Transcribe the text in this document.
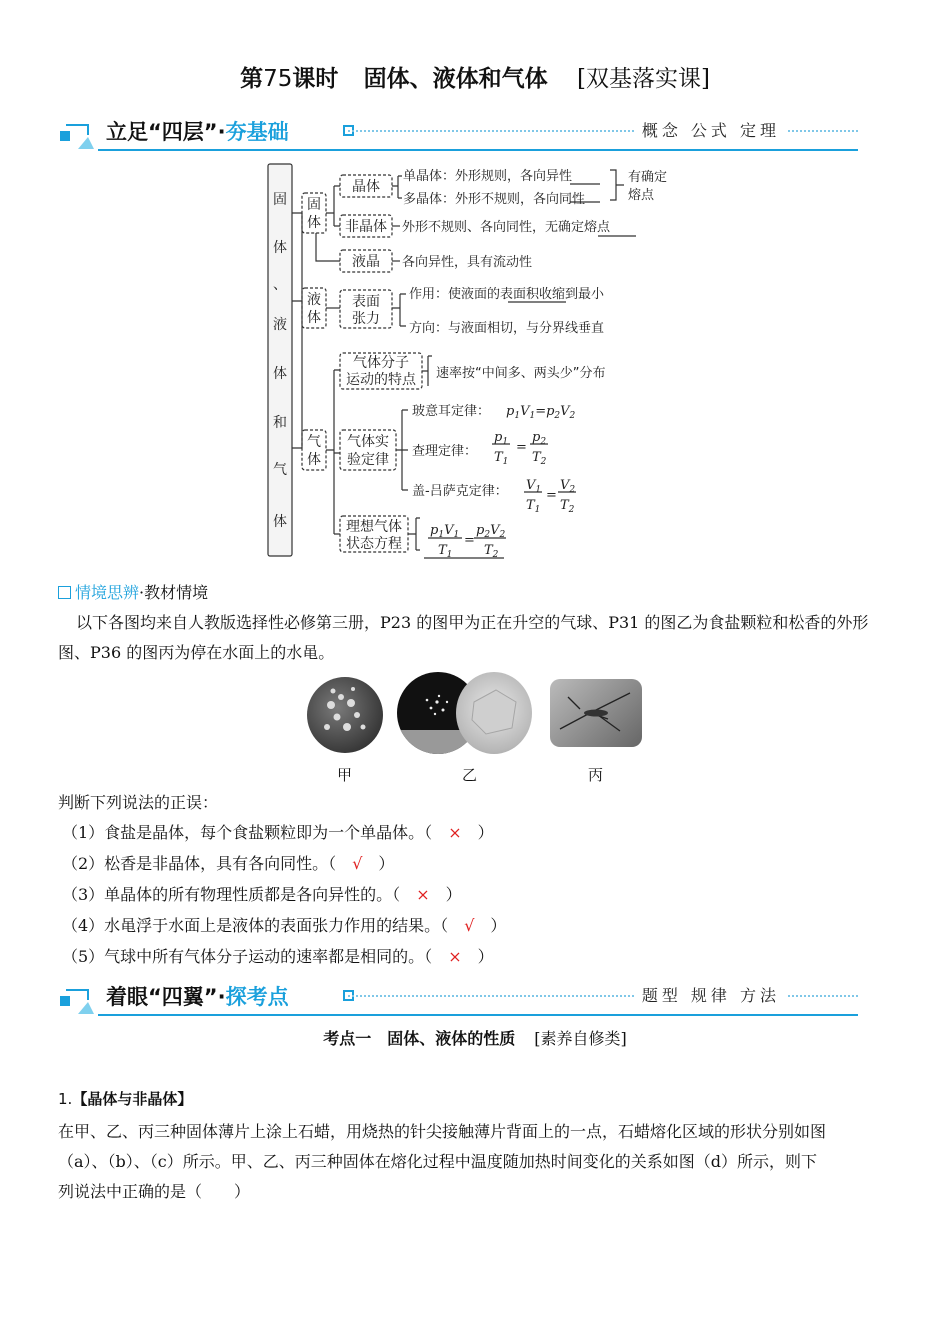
第75课时 固体、液体和气体 [双基落实课]
立足“四层”·夯基础	概念 公式 定理
固
体
、
液
体
和
气
体
固
体
液
体
气
体
晶体
单晶体：外形规则，各向异性
多晶体：外形不规则，各向同性
有确定
熔点
非晶体 外形不规则、各向同性，无确定熔点
液晶 各向异性，具有流动性
表面
张力
作用：使液面的表面积收缩到最小
方向：与液面相切，与分界线垂直
气体分子
运动的特点 速率按“中间多、两头少”分布
气体实
验定律
玻意耳定律：
查理定律：
盖-吕萨克定律：
理想气体
状态方程
$p_1V_1=p_2V_2$
$p_1$
$T_1$
=
$p_2$
$T_2$
$V_1$
$T_1$
=
$V_2$
$T_2$
$p_1V_1$
$T_1$
=
$p_2V_2$
$T_2$
情境思辨·教材情境
以下各图均来自人教版选择性必修第三册，P23 的图甲为正在升空的气球、P31 的图乙为食盐颗粒和松香的外形图、P36 的图丙为停在水面上的水黾。
甲	乙	丙
判断下列说法的正误：
（1）食盐是晶体，每个食盐颗粒即为一个单晶体。（ × ）
（2）松香是非晶体，具有各向同性。（ √ ）
（3）单晶体的所有物理性质都是各向异性的。（ × ）
（4）水黾浮于水面上是液体的表面张力作用的结果。（ √ ）
（5）气球中所有气体分子运动的速率都是相同的。（ × ）
着眼“四翼”·探考点	题型 规律 方法
考点一　固体、液体的性质 [素养自修类]
1.【晶体与非晶体】
在甲、乙、丙三种固体薄片上涂上石蜡，用烧热的针尖接触薄片背面上的一点，石蜡熔化区域的形状分别如图
（a）、（b）、（c）所示。甲、乙、丙三种固体在熔化过程中温度随加热时间变化的关系如图（d）所示，则下
列说法中正确的是（　　）
